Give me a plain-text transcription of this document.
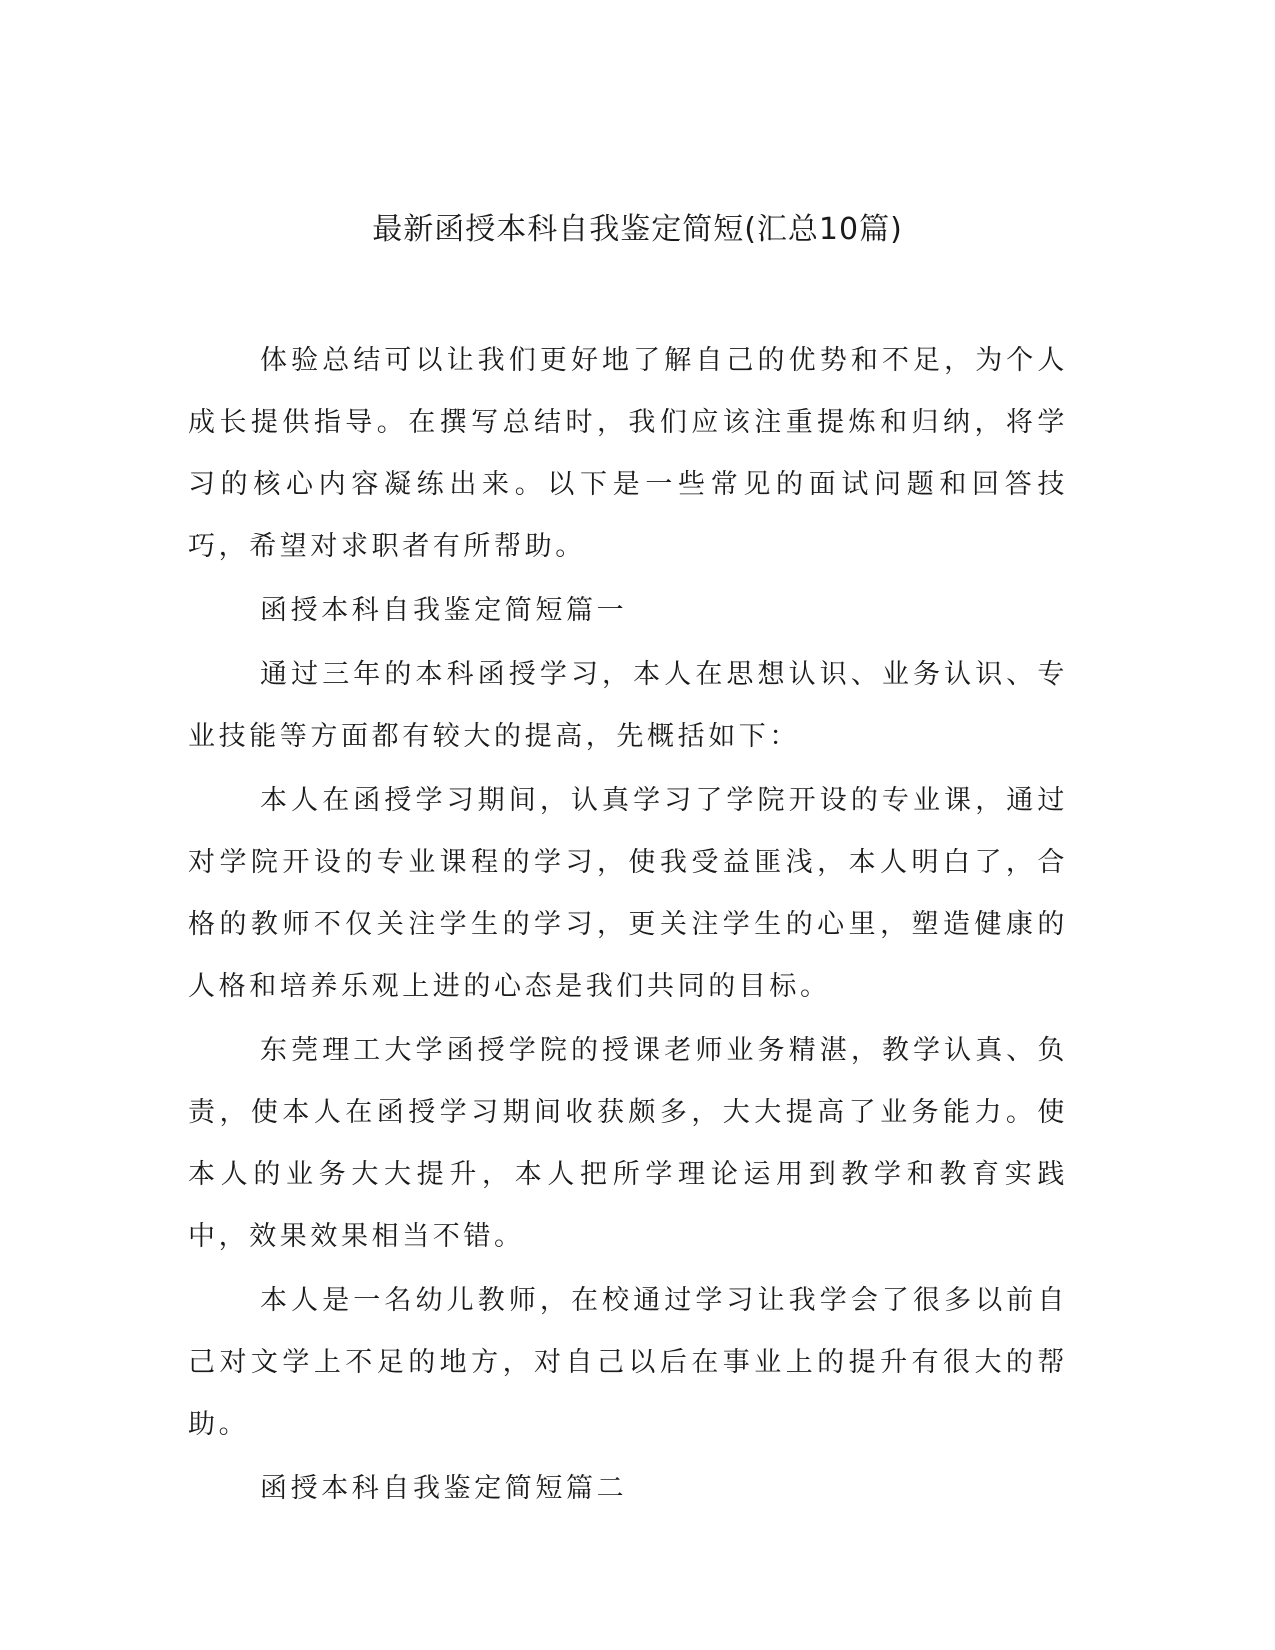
最新函授本科自我鉴定简短(汇总10篇)

体验总结可以让我们更好地了解自己的优势和不足，为个人成长提供指导。在撰写总结时，我们应该注重提炼和归纳，将学习的核心内容凝练出来。以下是一些常见的面试问题和回答技巧，希望对求职者有所帮助。

函授本科自我鉴定简短篇一

通过三年的本科函授学习，本人在思想认识、业务认识、专业技能等方面都有较大的提高，先概括如下：

本人在函授学习期间，认真学习了学院开设的专业课，通过对学院开设的专业课程的学习，使我受益匪浅，本人明白了，合格的教师不仅关注学生的学习，更关注学生的心里，塑造健康的人格和培养乐观上进的心态是我们共同的目标。

东莞理工大学函授学院的授课老师业务精湛，教学认真、负责，使本人在函授学习期间收获颇多，大大提高了业务能力。使本人的业务大大提升，本人把所学理论运用到教学和教育实践中，效果效果相当不错。

本人是一名幼儿教师，在校通过学习让我学会了很多以前自己对文学上不足的地方，对自己以后在事业上的提升有很大的帮助。

函授本科自我鉴定简短篇二
